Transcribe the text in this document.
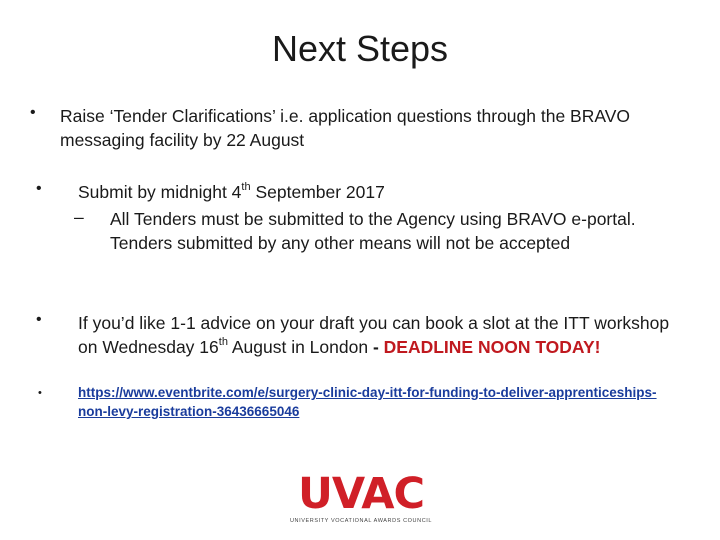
Next Steps
• Raise ‘Tender Clarifications’ i.e. application questions through the BRAVO messaging facility by 22 August
• Submit by midnight 4th September 2017
– All Tenders must be submitted to the Agency using BRAVO e-portal. Tenders submitted by any other means will not be accepted
• If you’d like 1-1 advice on your draft you can book a slot at the ITT workshop on Wednesday 16th August in London - DEADLINE NOON TODAY!
•	https://www.eventbrite.com/e/surgery-clinic-day-itt-for-funding-to-deliver-apprenticeships-non-levy-registration-36436665046
UVAC
UNIVERSITY VOCATIONAL AWARDS COUNCIL
